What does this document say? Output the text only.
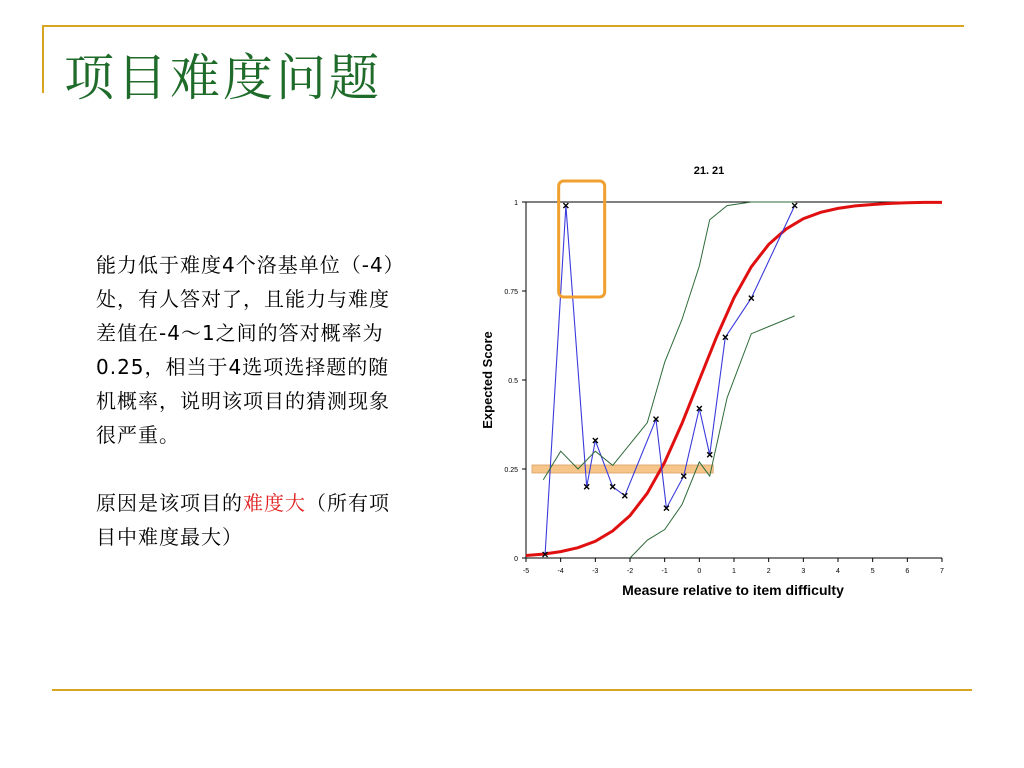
项目难度问题

能力低于难度4个洛基单位（-4）处，有人答对了，且能力与难度差值在-4～1之间的答对概率为0.25，相当于4选项选择题的随机概率，说明该项目的猜测现象很严重。

原因是该项目的难度大（所有项目中难度最大）

21. 21
Measure relative to item difficulty
Expected Score
-5	-4	-3	-2	-1	0	1	2	3	4	5	6	7
0
0.25
0.5
0.75
1
